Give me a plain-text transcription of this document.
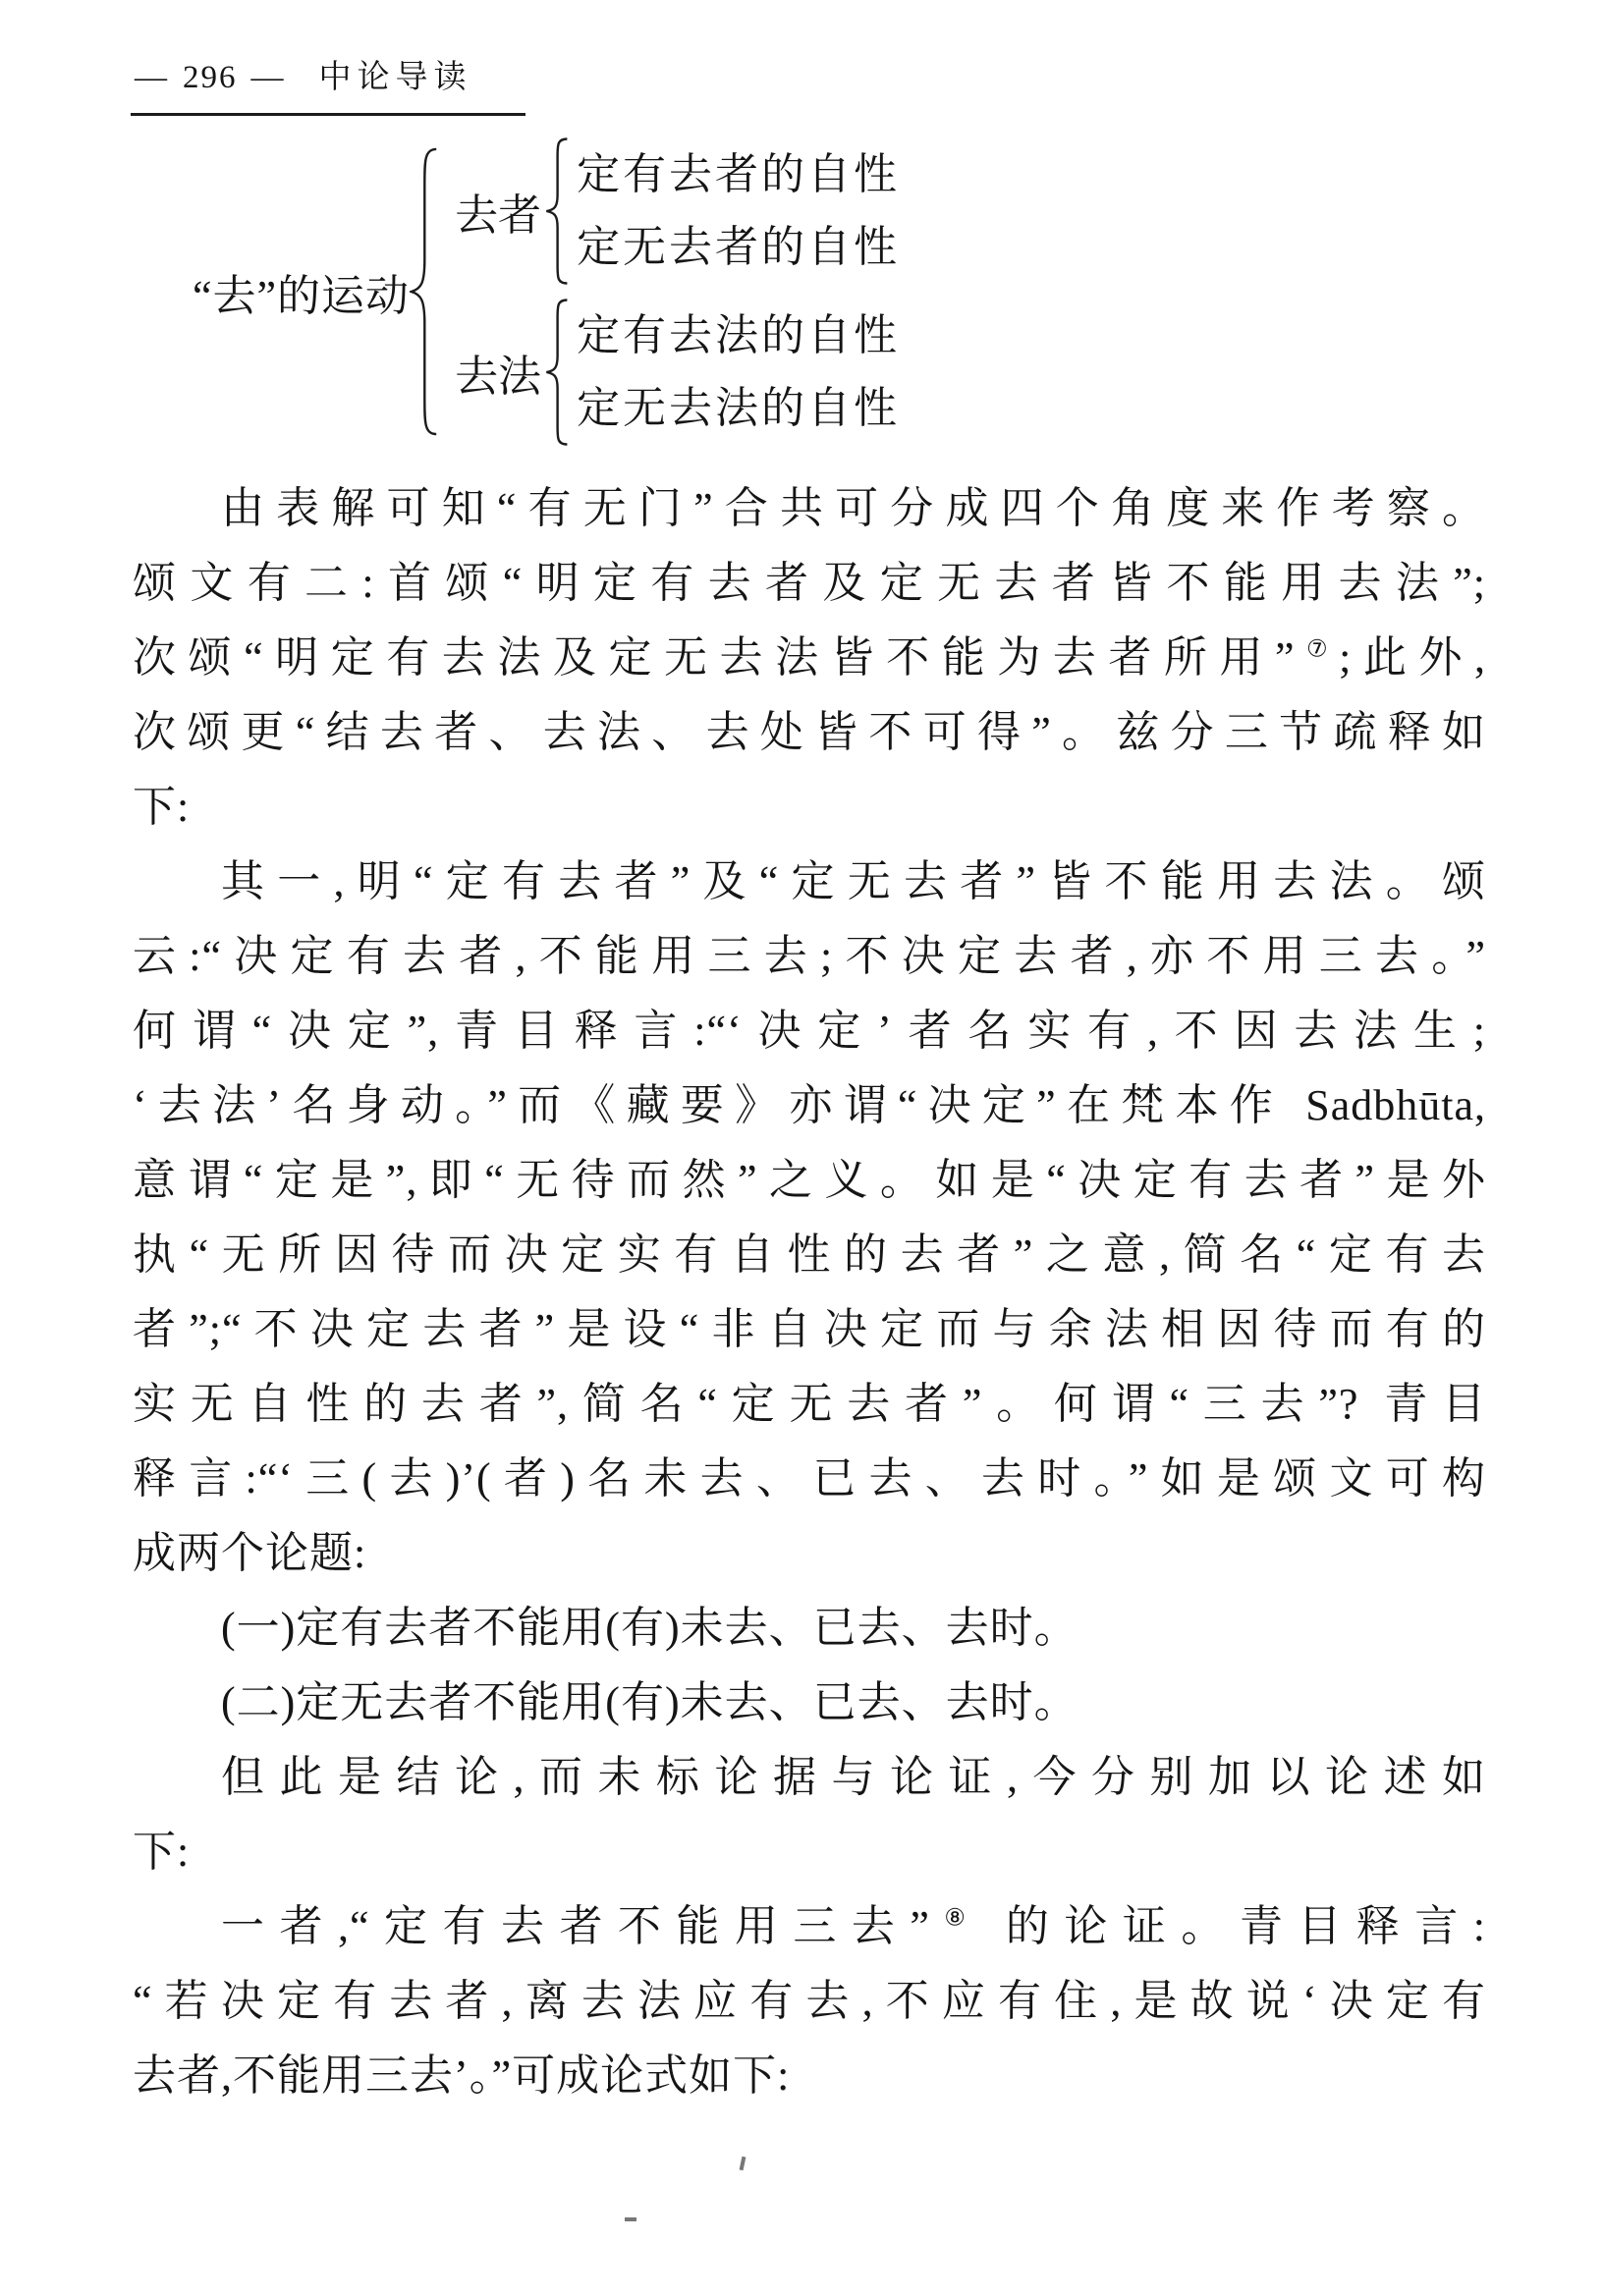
— 296 — 中论导读
“去”的运动
去者
定有去者的自性
定无去者的自性
去法
定有去法的自性
定无去法的自性
由表解可知“有无门”合共可分成四个角度来作考察。
颂文有二:首颂“明定有去者及定无去者皆不能用去法”;
次颂“明定有去法及定无去法皆不能为去者所用”⑦;此外,
次颂更“结去者、去法、去处皆不可得”。兹分三节疏释如
下:
其一,明“定有去者”及“定无去者”皆不能用去法。颂
云:“决定有去者,不能用三去;不决定去者,亦不用三去。”
何谓“决定”,青目释言:“‘决定’者名实有,不因去法生;
‘去法’名身动。”而《藏要》亦谓“决定”在梵本作 Sadbhūta,
意谓“定是”,即“无待而然”之义。如是“决定有去者”是外
执“无所因待而决定实有自性的去者”之意,简名“定有去
者”;“不决定去者”是设“非自决定而与余法相因待而有的
实无自性的去者”,简名“定无去者”。何谓“三去”? 青目
释言:“‘三(去)’(者)名未去、已去、去时。”如是颂文可构
成两个论题:
(一)定有去者不能用(有)未去、已去、去时。
(二)定无去者不能用(有)未去、已去、去时。
但此是结论,而未标论据与论证,今分别加以论述如
下:
一者,“定有去者不能用三去”⑧ 的论证。青目释言:
“若决定有去者,离去法应有去,不应有住,是故说‘决定有
去者,不能用三去’。”可成论式如下:
